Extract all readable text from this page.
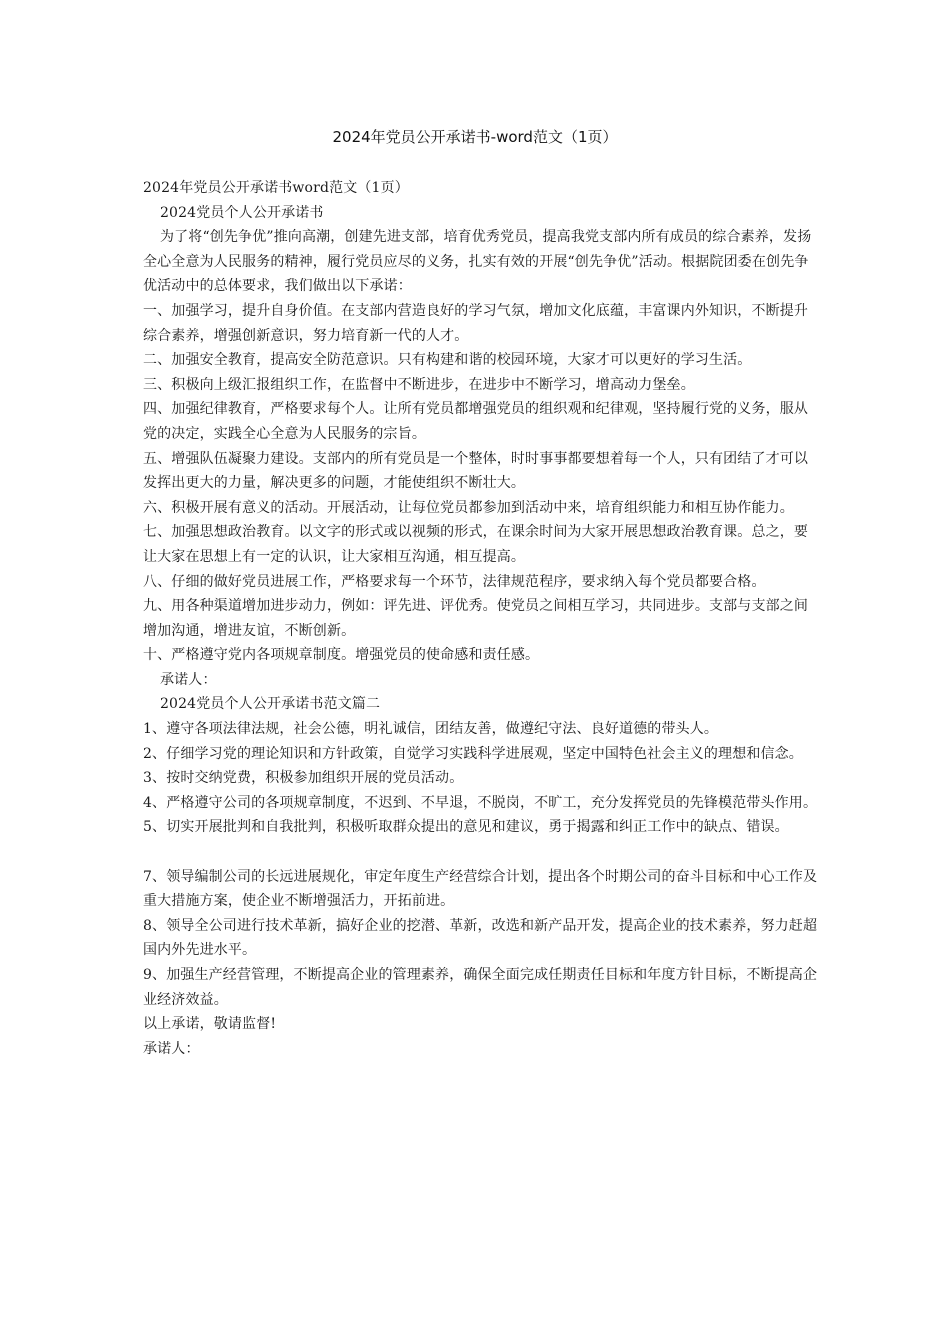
2024年党员公开承诺书-word范文（1页）

2024年党员公开承诺书word范文（1页）

2024党员个人公开承诺书

为了将“创先争优”推向高潮，创建先进支部，培育优秀党员，提高我党支部内所有成员的综合素养，发扬全心全意为人民服务的精神，履行党员应尽的义务，扎实有效的开展“创先争优”活动。根据院团委在创先争优活动中的总体要求，我们做出以下承诺：

一、加强学习，提升自身价值。在支部内营造良好的学习气氛，增加文化底蕴，丰富课内外知识，不断提升综合素养，增强创新意识，努力培育新一代的人才。

二、加强安全教育，提高安全防范意识。只有构建和谐的校园环境，大家才可以更好的学习生活。

三、积极向上级汇报组织工作，在监督中不断进步，在进步中不断学习，增高动力堡垒。

四、加强纪律教育，严格要求每个人。让所有党员都增强党员的组织观和纪律观，坚持履行党的义务，服从党的决定，实践全心全意为人民服务的宗旨。

五、增强队伍凝聚力建设。支部内的所有党员是一个整体，时时事事都要想着每一个人，只有团结了才可以发挥出更大的力量，解决更多的问题，才能使组织不断壮大。

六、积极开展有意义的活动。开展活动，让每位党员都参加到活动中来，培育组织能力和相互协作能力。

七、加强思想政治教育。以文字的形式或以视频的形式，在课余时间为大家开展思想政治教育课。总之，要让大家在思想上有一定的认识，让大家相互沟通，相互提高。

八、仔细的做好党员进展工作，严格要求每一个环节，法律规范程序，要求纳入每个党员都要合格。

九、用各种渠道增加进步动力，例如：评先进、评优秀。使党员之间相互学习，共同进步。支部与支部之间增加沟通，增进友谊，不断创新。

十、严格遵守党内各项规章制度。增强党员的使命感和责任感。

承诺人：

2024党员个人公开承诺书范文篇二

1、遵守各项法律法规，社会公德，明礼诚信，团结友善，做遵纪守法、良好道德的带头人。

2、仔细学习党的理论知识和方针政策，自觉学习实践科学进展观，坚定中国特色社会主义的理想和信念。

3、按时交纳党费，积极参加组织开展的党员活动。

4、严格遵守公司的各项规章制度，不迟到、不早退，不脱岗，不旷工，充分发挥党员的先锋模范带头作用。

5、切实开展批判和自我批判，积极听取群众提出的意见和建议，勇于揭露和纠正工作中的缺点、错误。

7、领导编制公司的长远进展规化，审定年度生产经营综合计划，提出各个时期公司的奋斗目标和中心工作及重大措施方案，使企业不断增强活力，开拓前进。

8、领导全公司进行技术革新，搞好企业的挖潜、革新，改选和新产品开发，提高企业的技术素养，努力赶超国内外先进水平。

9、加强生产经营管理，不断提高企业的管理素养，确保全面完成任期责任目标和年度方针目标，不断提高企业经济效益。

以上承诺，敬请监督!

承诺人：
